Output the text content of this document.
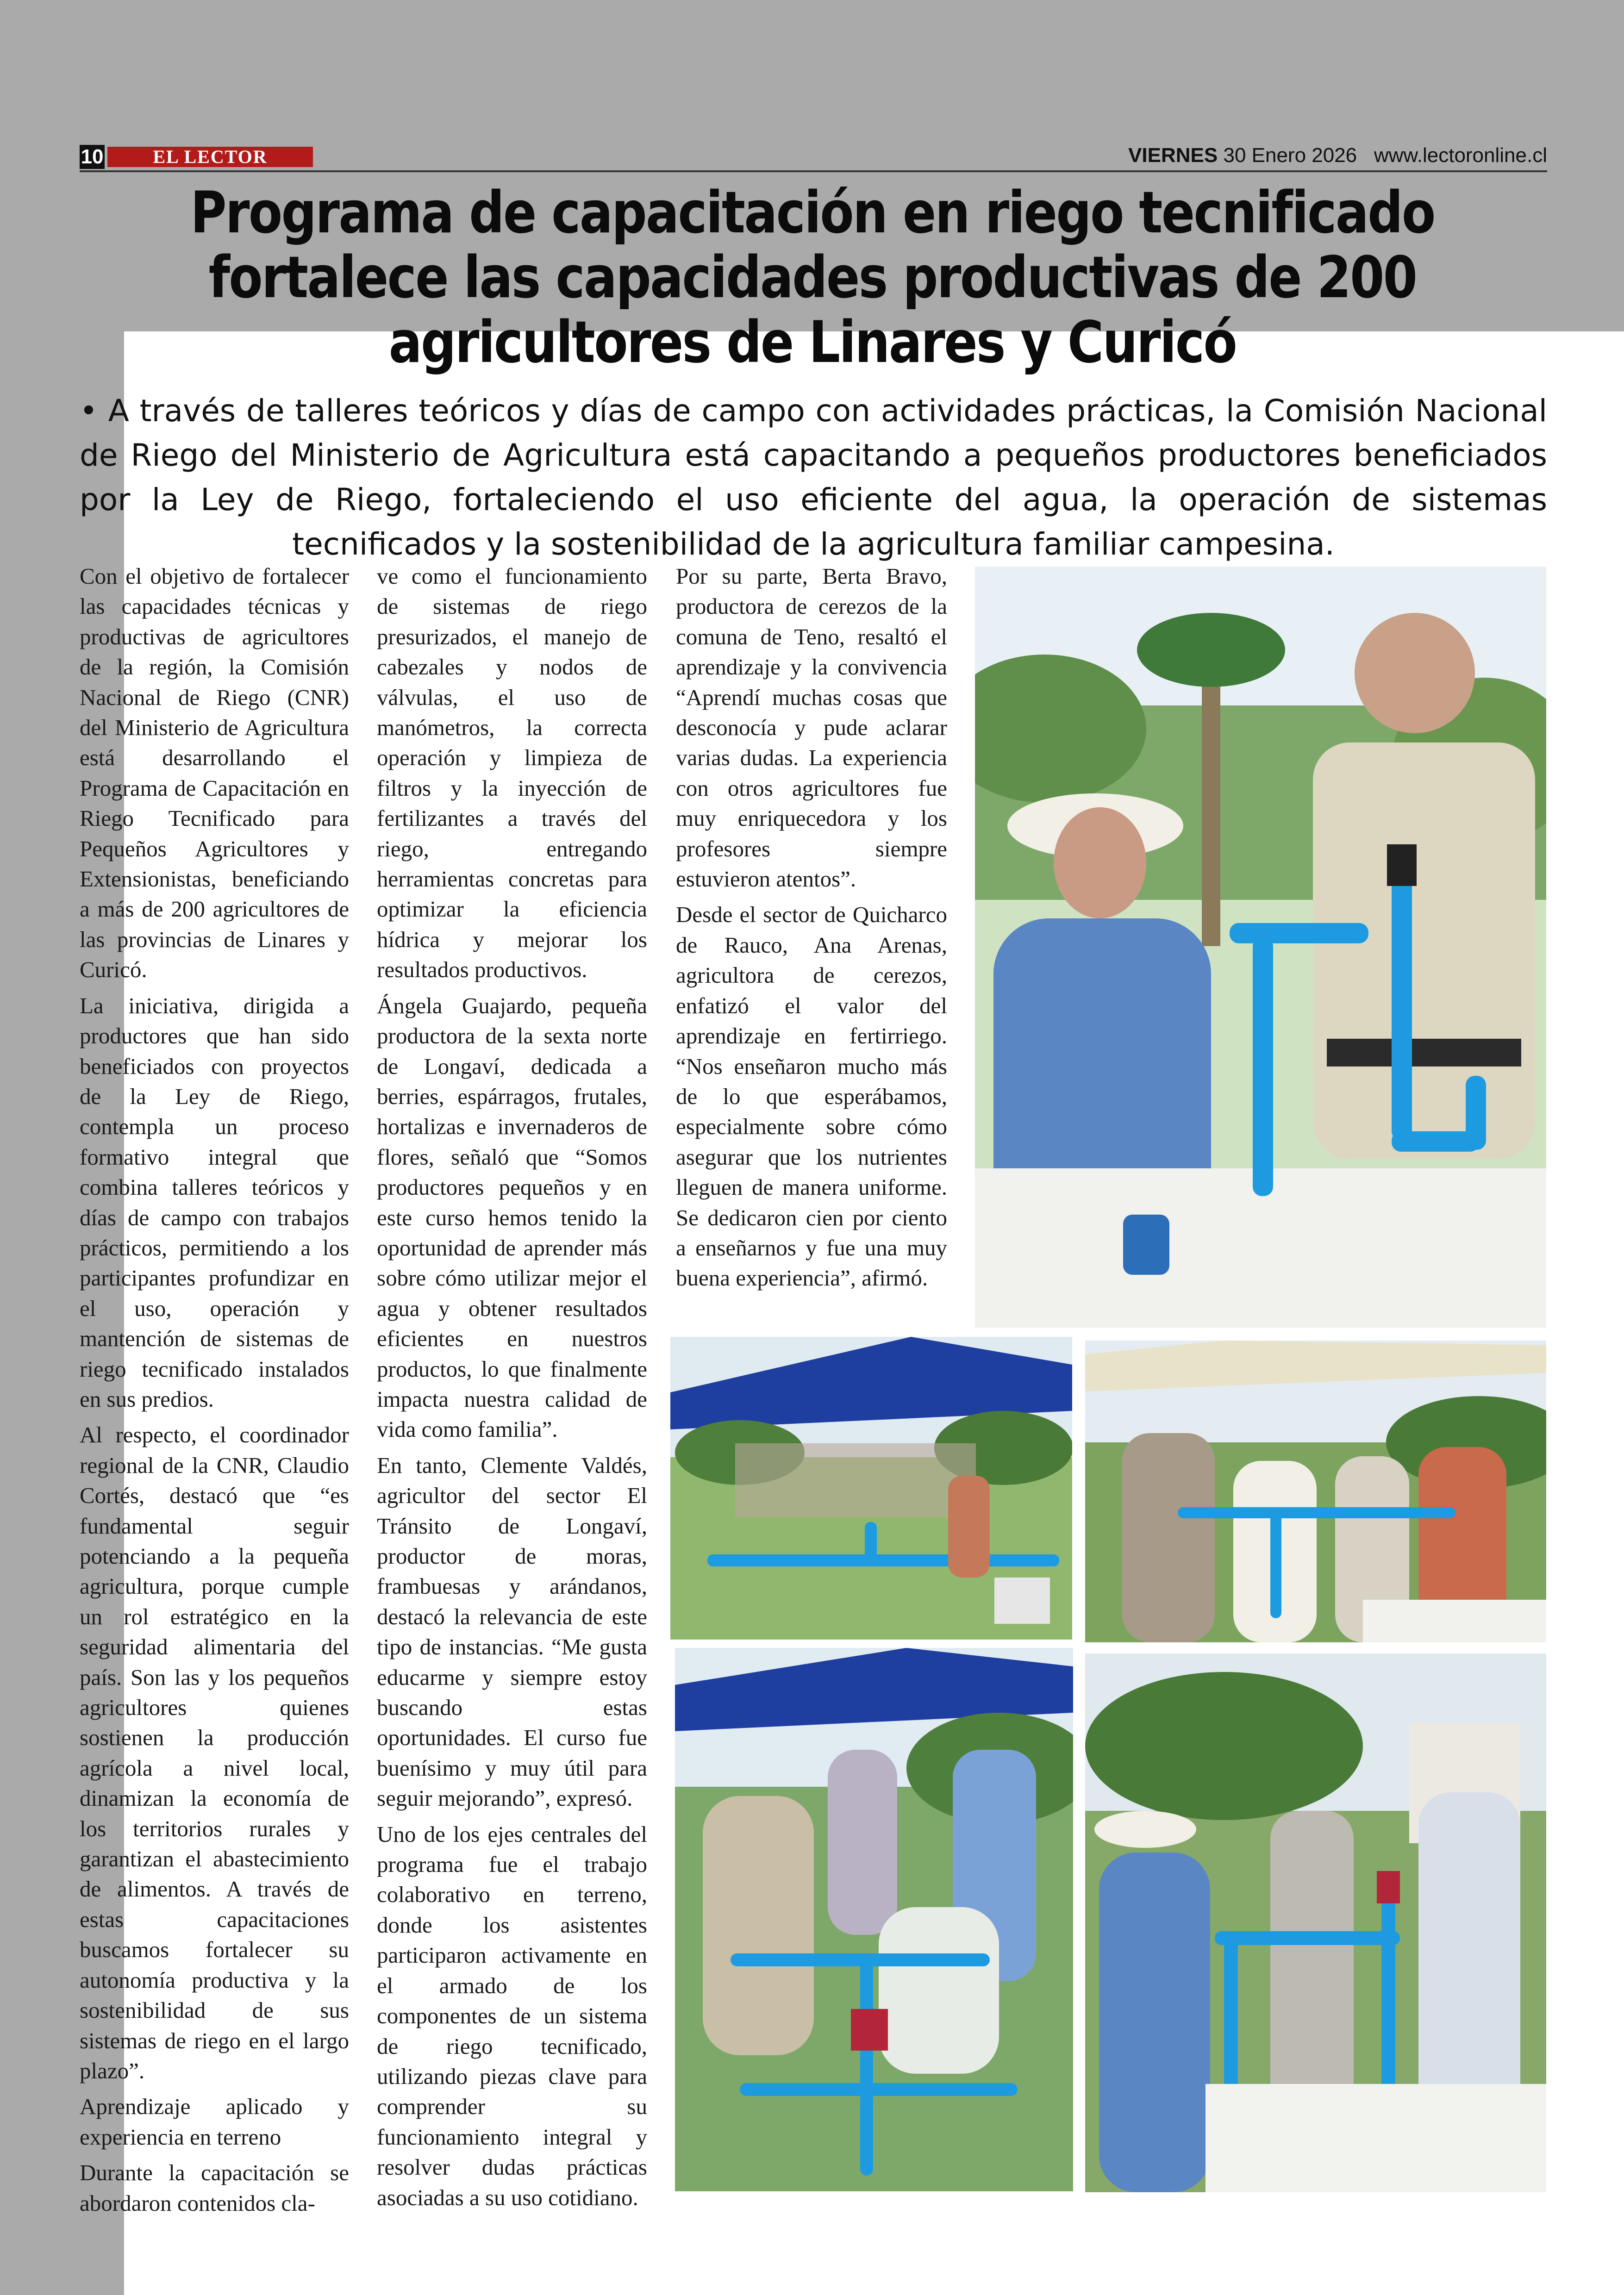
10	EL LECTOR	VIERNES 30 Enero 2026 www.lectoronline.cl
Programa de capacitación en riego tecnificado fortalece las capacidades productivas de 200 agricultores de Linares y Curicó
• A través de talleres teóricos y días de campo con actividades prácticas, la Comisión Nacional de Riego del Ministerio de Agricultura está capacitando a pequeños productores beneficiados por la Ley de Riego, fortaleciendo el uso eficiente del agua, la operación de sistemas tecnificados y la sostenibilidad de la agricultura familiar campesina.

Con el objetivo de fortalecer las capacidades técnicas y productivas de agricultores de la región, la Comisión Nacional de Riego (CNR) del Ministerio de Agricultura está desarrollando el Programa de Capacitación en Riego Tecnificado para Pequeños Agricultores y Extensionistas, beneficiando a más de 200 agricultores de las provincias de Linares y Curicó.

La iniciativa, dirigida a productores que han sido beneficiados con proyectos de la Ley de Riego, contempla un proceso formativo integral que combina talleres teóricos y días de campo con trabajos prácticos, permitiendo a los participantes profundizar en el uso, operación y mantención de sistemas de riego tecnificado instalados en sus predios.

Al respecto, el coordinador regional de la CNR, Claudio Cortés, destacó que “es fundamental seguir potenciando a la pequeña agricultura, porque cumple un rol estratégico en la seguridad alimentaria del país. Son las y los pequeños agricultores quienes sostienen la producción agrícola a nivel local, dinamizan la economía de los territorios rurales y garantizan el abastecimiento de alimentos. A través de estas capacitaciones buscamos fortalecer su autonomía productiva y la sostenibilidad de sus sistemas de riego en el largo plazo”.

Aprendizaje aplicado y experiencia en terreno

Durante la capacitación se abordaron contenidos cla-

ve como el funcionamiento de sistemas de riego presurizados, el manejo de cabezales y nodos de válvulas, el uso de manómetros, la correcta operación y limpieza de filtros y la inyección de fertilizantes a través del riego, entregando herramientas concretas para optimizar la eficiencia hídrica y mejorar los resultados productivos.

Ángela Guajardo, pequeña productora de la sexta norte de Longaví, dedicada a berries, espárragos, frutales, hortalizas e invernaderos de flores, señaló que “Somos productores pequeños y en este curso hemos tenido la oportunidad de aprender más sobre cómo utilizar mejor el agua y obtener resultados eficientes en nuestros productos, lo que finalmente impacta nuestra calidad de vida como familia”.

En tanto, Clemente Valdés, agricultor del sector El Tránsito de Longaví, productor de moras, frambuesas y arándanos, destacó la relevancia de este tipo de instancias. “Me gusta educarme y siempre estoy buscando estas oportunidades. El curso fue buenísimo y muy útil para seguir mejorando”, expresó.

Uno de los ejes centrales del programa fue el trabajo colaborativo en terreno, donde los asistentes participaron activamente en el armado de los componentes de un sistema de riego tecnificado, utilizando piezas clave para comprender su funcionamiento integral y resolver dudas prácticas asociadas a su uso cotidiano.

Por su parte, Berta Bravo, productora de cerezos de la comuna de Teno, resaltó el aprendizaje y la convivencia “Aprendí muchas cosas que desconocía y pude aclarar varias dudas. La experiencia con otros agricultores fue muy enriquecedora y los profesores siempre estuvieron atentos”.

Desde el sector de Quicharco de Rauco, Ana Arenas, agricultora de cerezos, enfatizó el valor del aprendizaje en fertirriego. “Nos enseñaron mucho más de lo que esperábamos, especialmente sobre cómo asegurar que los nutrientes lleguen de manera uniforme. Se dedicaron cien por ciento a enseñarnos y fue una muy buena experiencia”, afirmó.
